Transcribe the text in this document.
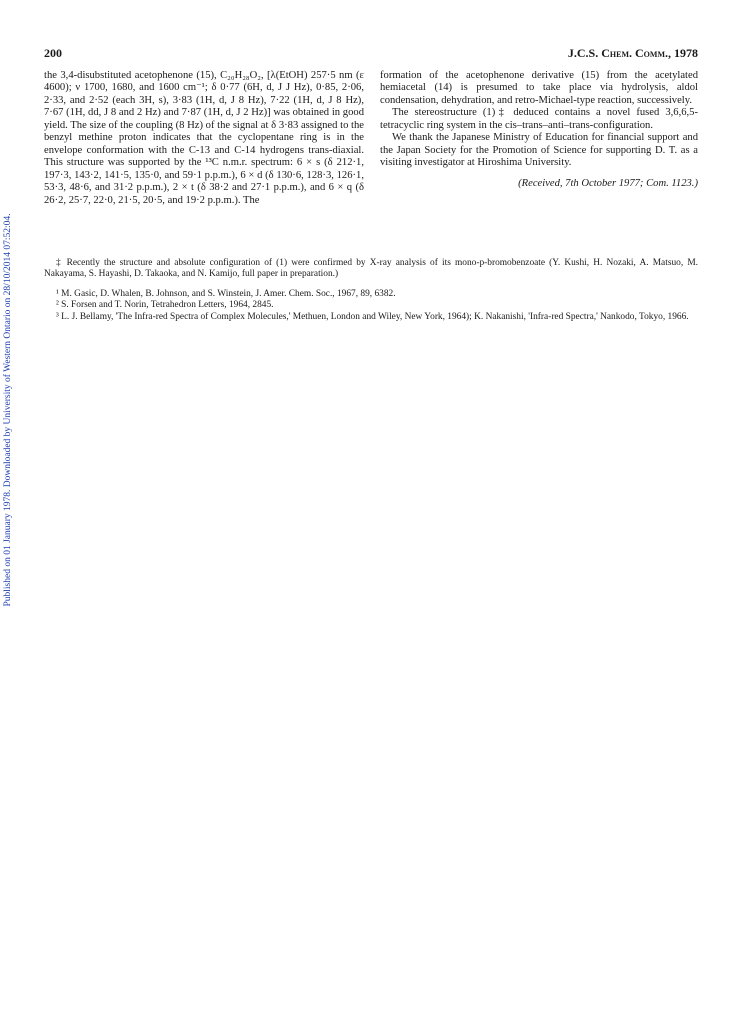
Published on 01 January 1978. Downloaded by University of Western Ontario on 28/10/2014 07:52:04.
200	J.C.S. Chem. Comm., 1978

the 3,4-disubstituted acetophenone (15), C₂₀H₂₈O₂, [λ(EtOH) 257·5 nm (ε 4600); ν 1700, 1680, and 1600 cm⁻¹; δ 0·77 (6H, d, J J Hz), 0·85, 2·06, 2·33, and 2·52 (each 3H, s), 3·83 (1H, d, J 8 Hz), 7·22 (1H, d, J 8 Hz), 7·67 (1H, dd, J 8 and 2 Hz) and 7·87 (1H, d, J 2 Hz)] was obtained in good yield. The size of the coupling (8 Hz) of the signal at δ 3·83 assigned to the benzyl methine proton indicates that the cyclopentane ring is in the envelope conformation with the C-13 and C-14 hydrogens trans-diaxial. This structure was supported by the ¹³C n.m.r. spectrum: 6 × s (δ 212·1, 197·3, 143·2, 141·5, 135·0, and 59·1 p.p.m.), 6 × d (δ 130·6, 128·3, 126·1, 53·3, 48·6, and 31·2 p.p.m.), 2 × t (δ 38·2 and 27·1 p.p.m.), and 6 × q (δ 26·2, 25·7, 22·0, 21·5, 20·5, and 19·2 p.p.m.). The

formation of the acetophenone derivative (15) from the acetylated hemiacetal (14) is presumed to take place via hydrolysis, aldol condensation, dehydration, and retro-Michael-type reaction, successively.

The stereostructure (1)‡ deduced contains a novel fused 3,6,6,5-tetracyclic ring system in the cis–trans–anti–trans-configuration.

We thank the Japanese Ministry of Education for financial support and the Japan Society for the Promotion of Science for supporting D. T. as a visiting investigator at Hiroshima University.

(Received, 7th October 1977; Com. 1123.)

‡ Recently the structure and absolute configuration of (1) were confirmed by X-ray analysis of its mono-p-bromobenzoate (Y. Kushi, H. Nozaki, A. Matsuo, M. Nakayama, S. Hayashi, D. Takaoka, and N. Kamijo, full paper in preparation.)

¹ M. Gasic, D. Whalen, B. Johnson, and S. Winstein, J. Amer. Chem. Soc., 1967, 89, 6382.

² S. Forsen and T. Norin, Tetrahedron Letters, 1964, 2845.

³ L. J. Bellamy, 'The Infra-red Spectra of Complex Molecules,' Methuen, London and Wiley, New York, 1964); K. Nakanishi, 'Infra-red Spectra,' Nankodo, Tokyo, 1966.
